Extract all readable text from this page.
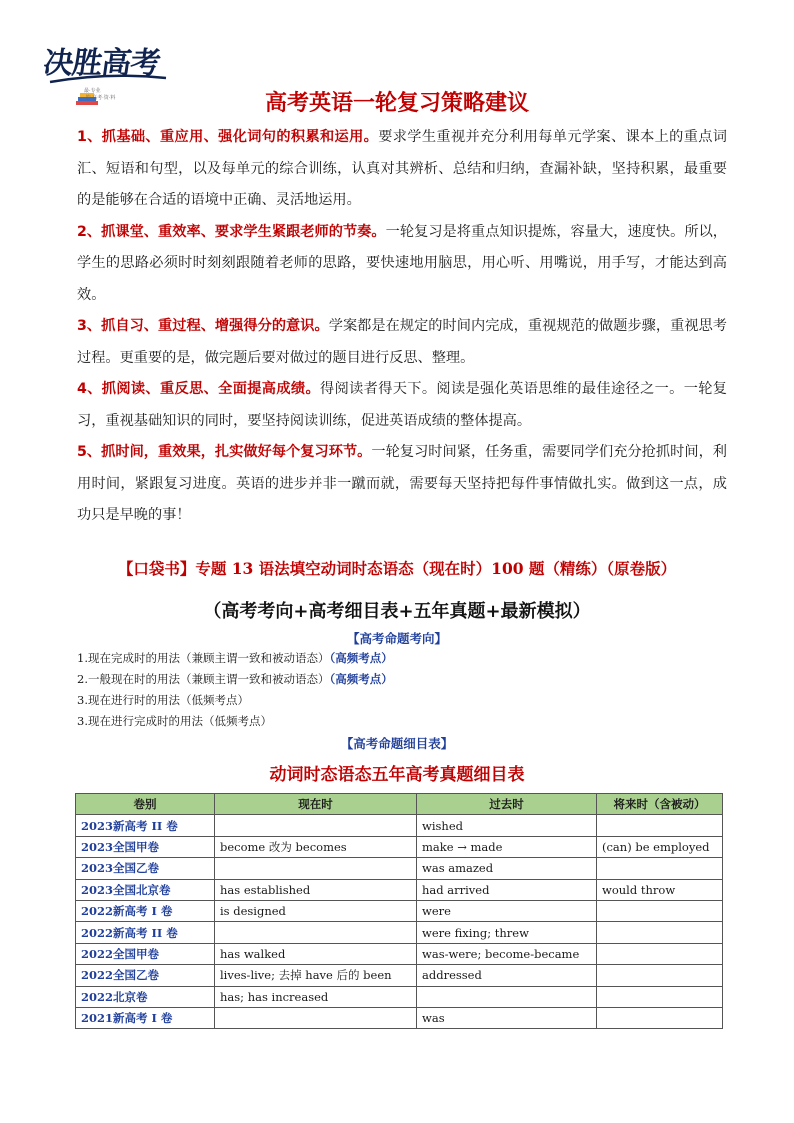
决胜高考
最·专业
·的·高考·资·料	高考英语一轮复习策略建议

1、抓基础、重应用、强化词句的积累和运用。要求学生重视并充分利用每单元学案、课本上的重点词汇、短语和句型，以及每单元的综合训练，认真对其辨析、总结和归纳，查漏补缺，坚持积累，最重要的是能够在合适的语境中正确、灵活地运用。

2、抓课堂、重效率、要求学生紧跟老师的节奏。一轮复习是将重点知识提炼，容量大，速度快。所以，学生的思路必须时时刻刻跟随着老师的思路，要快速地用脑思，用心听、用嘴说，用手写，才能达到高效。

3、抓自习、重过程、增强得分的意识。学案都是在规定的时间内完成，重视规范的做题步骤，重视思考过程。更重要的是，做完题后要对做过的题目进行反思、整理。

4、抓阅读、重反思、全面提高成绩。得阅读者得天下。阅读是强化英语思维的最佳途径之一。一轮复习，重视基础知识的同时，要坚持阅读训练，促进英语成绩的整体提高。

5、抓时间，重效果，扎实做好每个复习环节。一轮复习时间紧，任务重，需要同学们充分抢抓时间，利用时间，紧跟复习进度。英语的进步并非一蹴而就，需要每天坚持把每件事情做扎实。做到这一点，成功只是早晚的事！

【口袋书】专题 13 语法填空动词时态语态（现在时）100 题（精练）（原卷版）
（高考考向+高考细目表+五年真题+最新模拟）
【高考命题考向】
1.现在完成时的用法（兼顾主谓一致和被动语态）（高频考点）
2.一般现在时的用法（兼顾主谓一致和被动语态）（高频考点）
3.现在进行时的用法（低频考点）
3.现在进行完成时的用法（低频考点）
【高考命题细目表】
动词时态语态五年高考真题细目表
卷别	现在时	过去时	将来时（含被动）
2023新高考 II 卷		wished	
2023全国甲卷	become 改为 becomes	make → made	(can) be employed
2023全国乙卷		was amazed	
2023全国北京卷	has established	had arrived	would throw
2022新高考 I 卷	is designed	were	
2022新高考 II 卷		were fixing; threw	
2022全国甲卷	has walked	was-were; become-became	
2022全国乙卷	lives-live; 去掉 have 后的 been	addressed	
2022北京卷	has; has increased		
2021新高考 I 卷		was	
